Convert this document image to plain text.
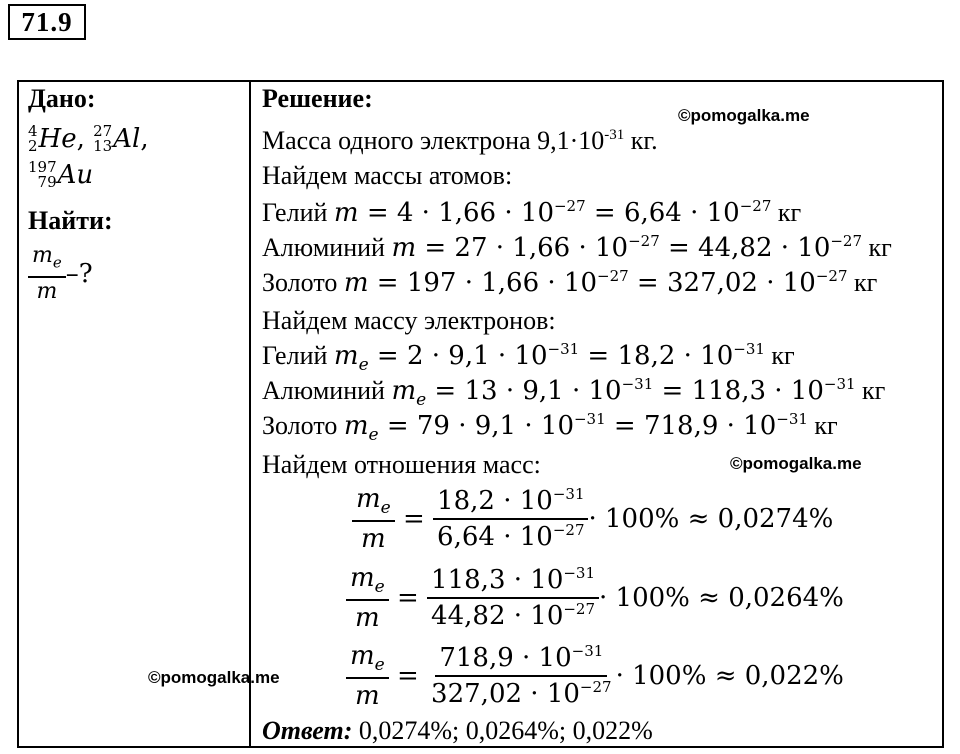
71.9
©pomogalka.me
©pomogalka.me
©pomogalka.me
Дано:
4
2 He ,
27
13 Al ,
197
79 Au
Найти:
$\frac{m_e}{m}$ –?
Решение:
Масса одного электрона $9,1\cdot 10^{-31}$ кг.
Найдем массы атомов:
Гелий $m = 4 \cdot 1,66 \cdot 10^{-27} = 6,64 \cdot 10^{-27}$ кг
Алюминий $m = 27 \cdot 1,66 \cdot 10^{-27} = 44,82 \cdot 10^{-27}$ кг
Золото $m = 197 \cdot 1,66 \cdot 10^{-27} = 327,02 \cdot 10^{-27}$ кг
Найдем массу электронов:
Гелий $m_e = 2 \cdot 9,1 \cdot 10^{-31} = 18,2 \cdot 10^{-31}$ кг
Алюминий $m_e = 13 \cdot 9,1 \cdot 10^{-31} = 118,3 \cdot 10^{-31}$ кг
Золото $m_e = 79 \cdot 9,1 \cdot 10^{-31} = 718,9 \cdot 10^{-31}$ кг
Найдем отношения масс:
$\frac{m_e}{m} = \frac{18,2 \cdot 10^{-31}}{6,64 \cdot 10^{-27}} \cdot 100\% \approx 0,0274\%$
$\frac{m_e}{m} = \frac{118,3 \cdot 10^{-31}}{44,82 \cdot 10^{-27}} \cdot 100\% \approx 0,0264\%$
$\frac{m_e}{m} = \frac{718,9 \cdot 10^{-31}}{327,02 \cdot 10^{-27}} \cdot 100\% \approx 0,022\%$
Ответ: 0,0274%; 0,0264%; 0,022%
